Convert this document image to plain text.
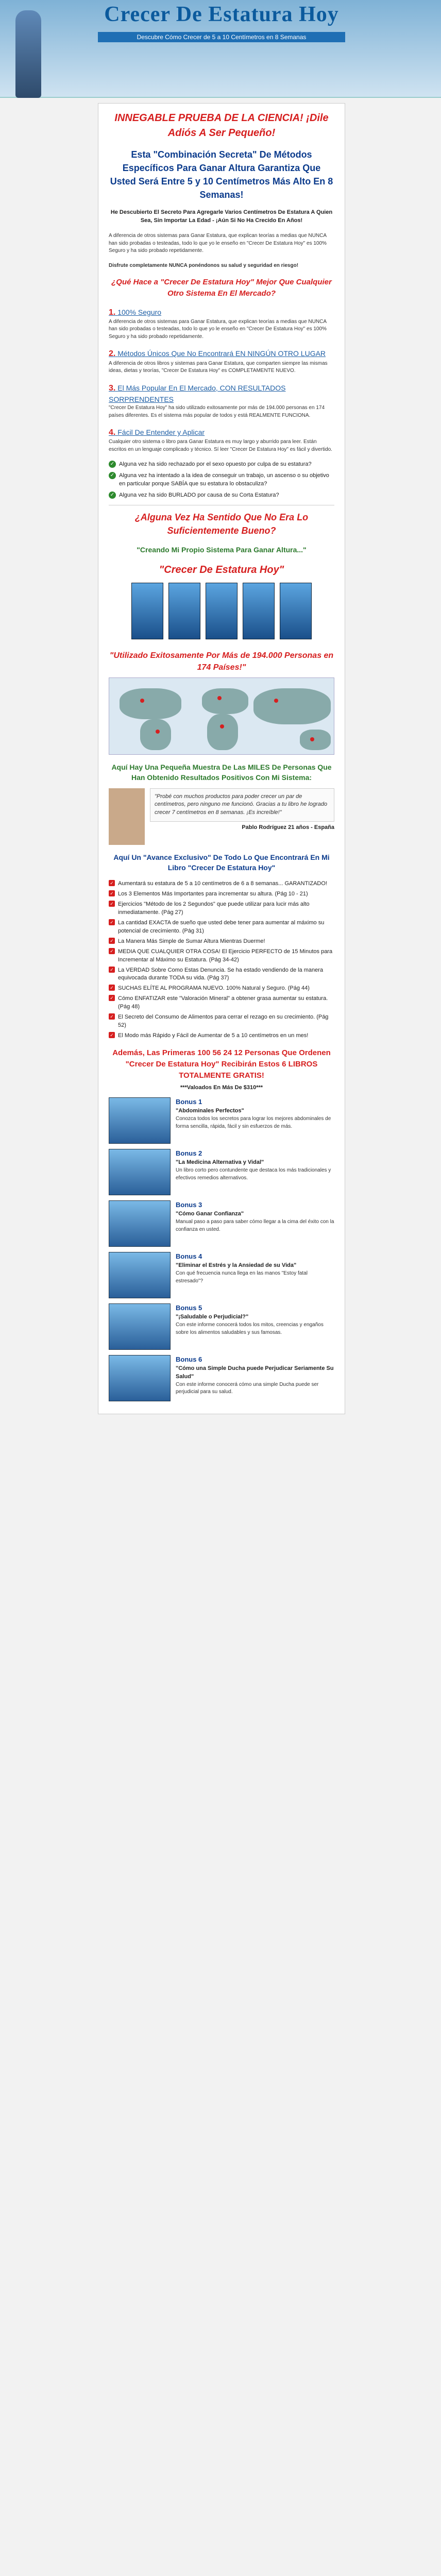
Crecer De Estatura Hoy
Descubre Cómo Crecer de 5 a 10 Centímetros en 8 Semanas
INNEGABLE PRUEBA DE LA CIENCIA! ¡Dile Adiós A Ser Pequeño!
Esta "Combinación Secreta" De Métodos Específicos Para Ganar Altura Garantiza Que Usted Será Entre 5 y 10 Centímetros Más Alto En 8 Semanas!
He Descubierto El Secreto Para Agregarle Varios Centímetros De Estatura A Quien Sea, Sin Importar La Edad - ¡Aún Si No Ha Crecido En Años!
A diferencia de otros sistemas para Ganar Estatura, que explican teorías a medias que NUNCA han sido probadas o testeadas, todo lo que yo le enseño en "Crecer De Estatura Hoy" es 100% Seguro y ha sido probado repetidamente.
Disfrute completamente NUNCA ponéndonos su salud y seguridad en riesgo!
¿Qué Hace a "Crecer De Estatura Hoy" Mejor Que Cualquier Otro Sistema En El Mercado?
1. 100% Seguro
A diferencia de otros sistemas para Ganar Estatura, que explican teorías a medias que NUNCA han sido probadas o testeadas, todo lo que yo le enseño en "Crecer De Estatura Hoy" es 100% Seguro y ha sido probado repetidamente.
2. Métodos Únicos Que No Encontrará EN NINGÚN OTRO LUGAR
A diferencia de otros libros y sistemas para Ganar Estatura, que comparten siempre las mismas ideas, dietas y teorías, "Crecer De Estatura Hoy" es COMPLETAMENTE NUEVO.
3. El Más Popular En El Mercado, CON RESULTADOS SORPRENDENTES
"Crecer De Estatura Hoy" ha sido utilizado exitosamente por más de 194.000 personas en 174 países diferentes. Es el sistema más popular de todos y está REALMENTE FUNCIONA.
4. Fácil De Entender y Aplicar
Cualquier otro sistema o libro para Ganar Estatura es muy largo y aburrido para leer. Están escritos en un lenguaje complicado y técnico. Sí leer "Crecer De Estatura Hoy" es fácil y divertido.
✓ Alguna vez ha sido rechazado por el sexo opuesto por culpa de su estatura?
✓ Alguna vez ha intentado a la idea de conseguir un trabajo, un ascenso o su objetivo en particular porque SABÍA que su estatura lo obstaculiza?
✓ Alguna vez ha sido BURLADO por causa de su Corta Estatura?
¿Alguna Vez Ha Sentido Que No Era Lo Suficientemente Bueno?
"Creando Mi Propio Sistema Para Ganar Altura..."
"Crecer De Estatura Hoy"
"Utilizado Exitosamente Por Más de 194.000 Personas en 174 Países!"
Aquí Hay Una Pequeña Muestra De Las MILES De Personas Que Han Obtenido Resultados Positivos Con Mi Sistema:
"Probé con muchos productos para poder crecer un par de centímetros, pero ninguno me funcionó. Gracias a tu libro he logrado crecer 7 centímetros en 8 semanas. ¡Es increíble!"
Pablo Rodríguez 21 años - España
Aquí Un "Avance Exclusivo" De Todo Lo Que Encontrará En Mi Libro "Crecer De Estatura Hoy"
✓ Aumentará su estatura de 5 a 10 centímetros de 6 a 8 semanas... GARANTIZADO!
✓ Los 3 Elementos Más Importantes para incrementar su altura. (Pág 10 - 21)
✓ Ejercicios "Método de los 2 Segundos" que puede utilizar para lucir más alto inmediatamente. (Pág 27)
✓ La cantidad EXACTA de sueño que usted debe tener para aumentar al máximo su potencial de crecimiento. (Pág 31)
✓ La Manera Más Simple de Sumar Altura Mientras Duerme!
✓ MEDIA QUE CUALQUIER OTRA COSA! El Ejercicio PERFECTO de 15 Minutos para Incrementar al Máximo su Estatura. (Pág 34-42)
✓ La VERDAD Sobre Como Estas Denuncia. Se ha estado vendiendo de la manera equivocada durante TODA su vida. (Pág 37)
✓ SUCHAS ELÍTE AL PROGRAMA NUEVO. 100% Natural y Seguro. (Pág 44)
✓ Cómo ENFATIZAR este "Valoración Mineral" a obtener grasa aumentar su estatura. (Pág 48)
✓ El Secreto del Consumo de Alimentos para cerrar el rezago en su crecimiento. (Pág 52)
✓ El Modo más Rápido y Fácil de Aumentar de 5 a 10 centímetros en un mes!
Además, Las Primeras 100 56 24 12 Personas Que Ordenen "Crecer De Estatura Hoy" Recibirán Estos 6 LIBROS TOTALMENTE GRATIS!
***Valoados En Más De $310***
Bonus 1
"Abdominales Perfectos"
Conozca todos los secretos para lograr los mejores abdominales de forma sencilla, rápida, fácil y sin esfuerzos de más.
Bonus 2
"La Medicina Alternativa y Vidal"
Un libro corto pero contundente que destaca los más tradicionales y efectivos remedios alternativos.
Bonus 3
"Cómo Ganar Confianza"
Manual paso a paso para saber cómo llegar a la cima del éxito con la confianza en usted.
Bonus 4
"Eliminar el Estrés y la Ansiedad de su Vida"
Con qué frecuencia nunca llega en las manos "Estoy fatal estresado"?
Bonus 5
"¡Saludable o Perjudicial?"
Con este informe conocerá todos los mitos, creencias y engaños sobre los alimentos saludables y sus famosas.
Bonus 6
"Cómo una Simple Ducha puede Perjudicar Seriamente Su Salud"
Con este informe conocerá cómo una simple Ducha puede ser perjudicial para su salud.
